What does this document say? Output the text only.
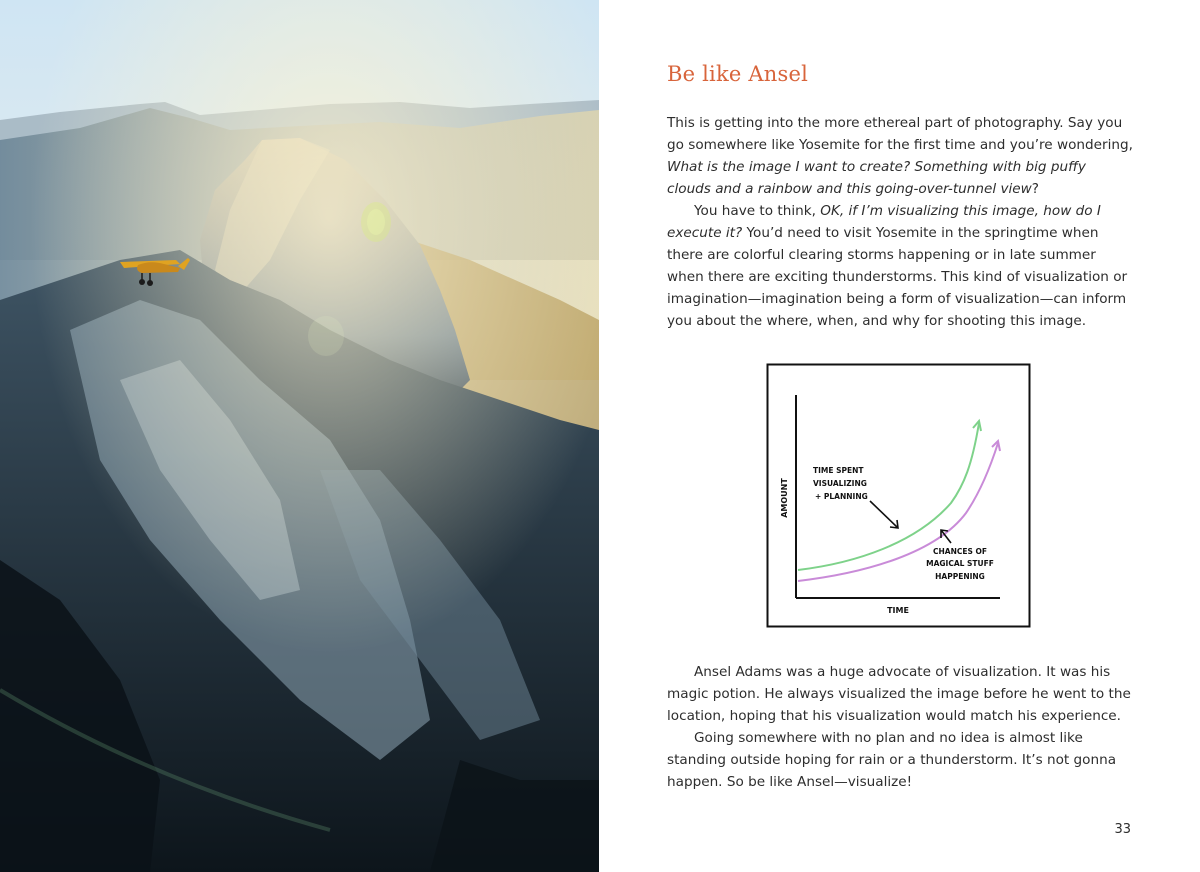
Be like Ansel

This is getting into the more ethereal part of photography. Say you go somewhere like Yosemite for the first time and you’re wondering, What is the image I want to create? Something with big puffy clouds and a rainbow and this going-over-tunnel view?

You have to think, OK, if I’m visualizing this image, how do I execute it? You’d need to visit Yosemite in the springtime when there are colorful clearing storms happening or in late summer when there are exciting thunderstorms. This kind of visualization or imagination—imagination being a form of visualization—can inform you about the where, when, and why for shooting this image.

AMOUNT
TIME
TIME SPENT
VISUALIZING
+ PLANNING
CHANCES OF
MAGICAL STUFF
HAPPENING

Ansel Adams was a huge advocate of visualization. It was his magic potion. He always visualized the image before he went to the location, hoping that his visualization would match his experience.

Going somewhere with no plan and no idea is almost like standing outside hoping for rain or a thunderstorm. It’s not gonna happen. So be like Ansel—visualize!

33
